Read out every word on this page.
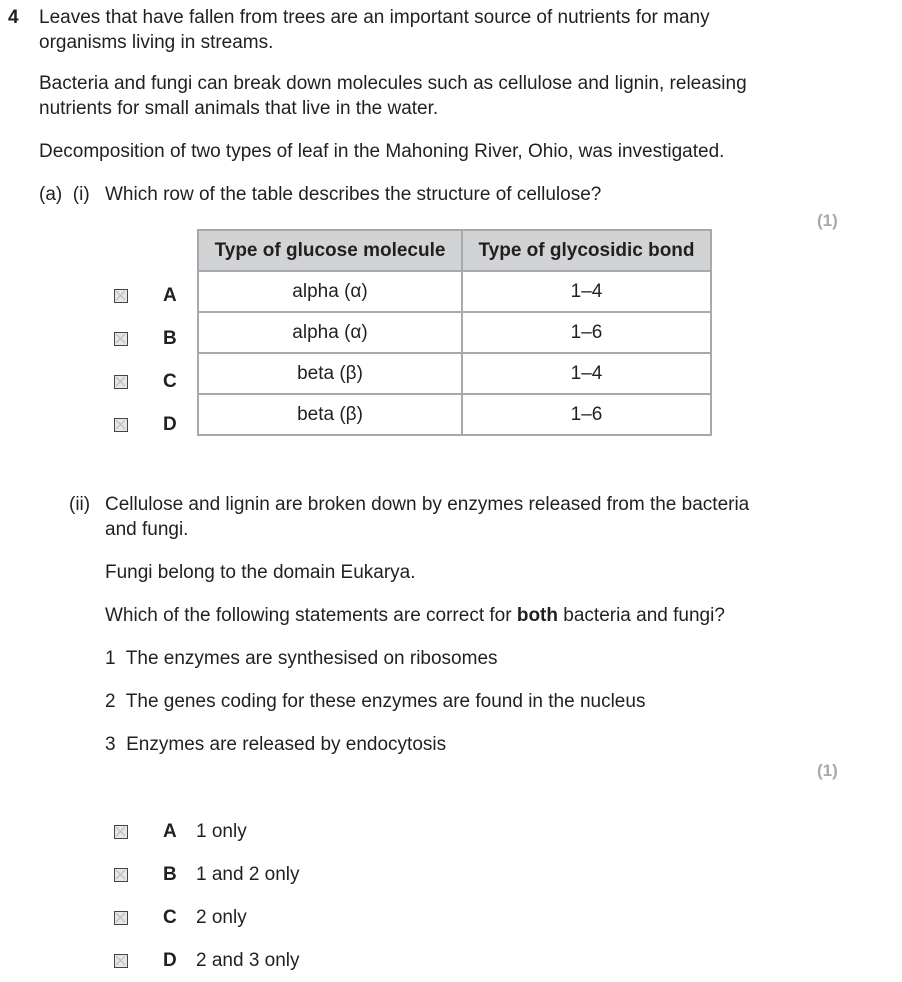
4 Leaves that have fallen from trees are an important source of nutrients for many
organisms living in streams.
Bacteria and fungi can break down molecules such as cellulose and lignin, releasing
nutrients for small animals that live in the water.
Decomposition of two types of leaf in the Mahoning River, Ohio, was investigated.
(a)  (i) Which row of the table describes the structure of cellulose?
(1)
Type of glucose molecule	Type of glycosidic bond
alpha (α)	1–4
alpha (α)	1–6
beta (β)	1–4
beta (β)	1–6
A
B
C
D
(ii) Cellulose and lignin are broken down by enzymes released from the bacteria
and fungi.
Fungi belong to the domain Eukarya.
Which of the following statements are correct for both bacteria and fungi?
1  The enzymes are synthesised on ribosomes
2  The genes coding for these enzymes are found in the nucleus
3  Enzymes are released by endocytosis
(1)
A 1 only
B 1 and 2 only
C 2 only
D 2 and 3 only
